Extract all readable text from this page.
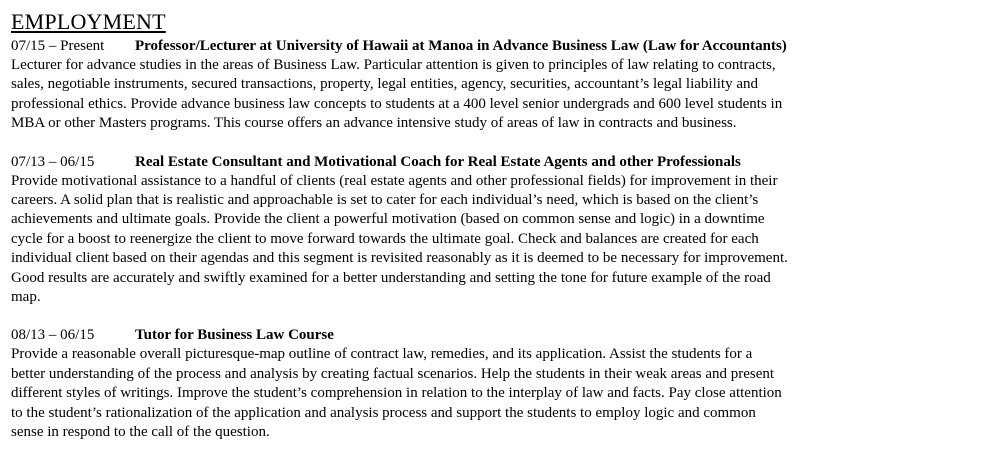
EMPLOYMENT
07/15 – Present Professor/Lecturer at University of Hawaii at Manoa in Advance Business Law (Law for Accountants)

Lecturer for advance studies in the areas of Business Law. Particular attention is given to principles of law relating to contracts,
sales, negotiable instruments, secured transactions, property, legal entities, agency, securities, accountant’s legal liability and
professional ethics. Provide advance business law concepts to students at a 400 level senior undergrads and 600 level students in
MBA or other Masters programs. This course offers an advance intensive study of areas of law in contracts and business.

07/13 – 06/15	Real Estate Consultant and Motivational Coach for Real Estate Agents and other Professionals

Provide motivational assistance to a handful of clients (real estate agents and other professional fields) for improvement in their
careers. A solid plan that is realistic and approachable is set to cater for each individual’s need, which is based on the client’s
achievements and ultimate goals. Provide the client a powerful motivation (based on common sense and logic) in a downtime
cycle for a boost to reenergize the client to move forward towards the ultimate goal. Check and balances are created for each
individual client based on their agendas and this segment is revisited reasonably as it is deemed to be necessary for improvement.
Good results are accurately and swiftly examined for a better understanding and setting the tone for future example of the road
map.

08/13 – 06/15	Tutor for Business Law Course

Provide a reasonable overall picturesque-map outline of contract law, remedies, and its application. Assist the students for a
better understanding of the process and analysis by creating factual scenarios. Help the students in their weak areas and present
different styles of writings. Improve the student’s comprehension in relation to the interplay of law and facts. Pay close attention
to the student’s rationalization of the application and analysis process and support the students to employ logic and common
sense in respond to the call of the question.
